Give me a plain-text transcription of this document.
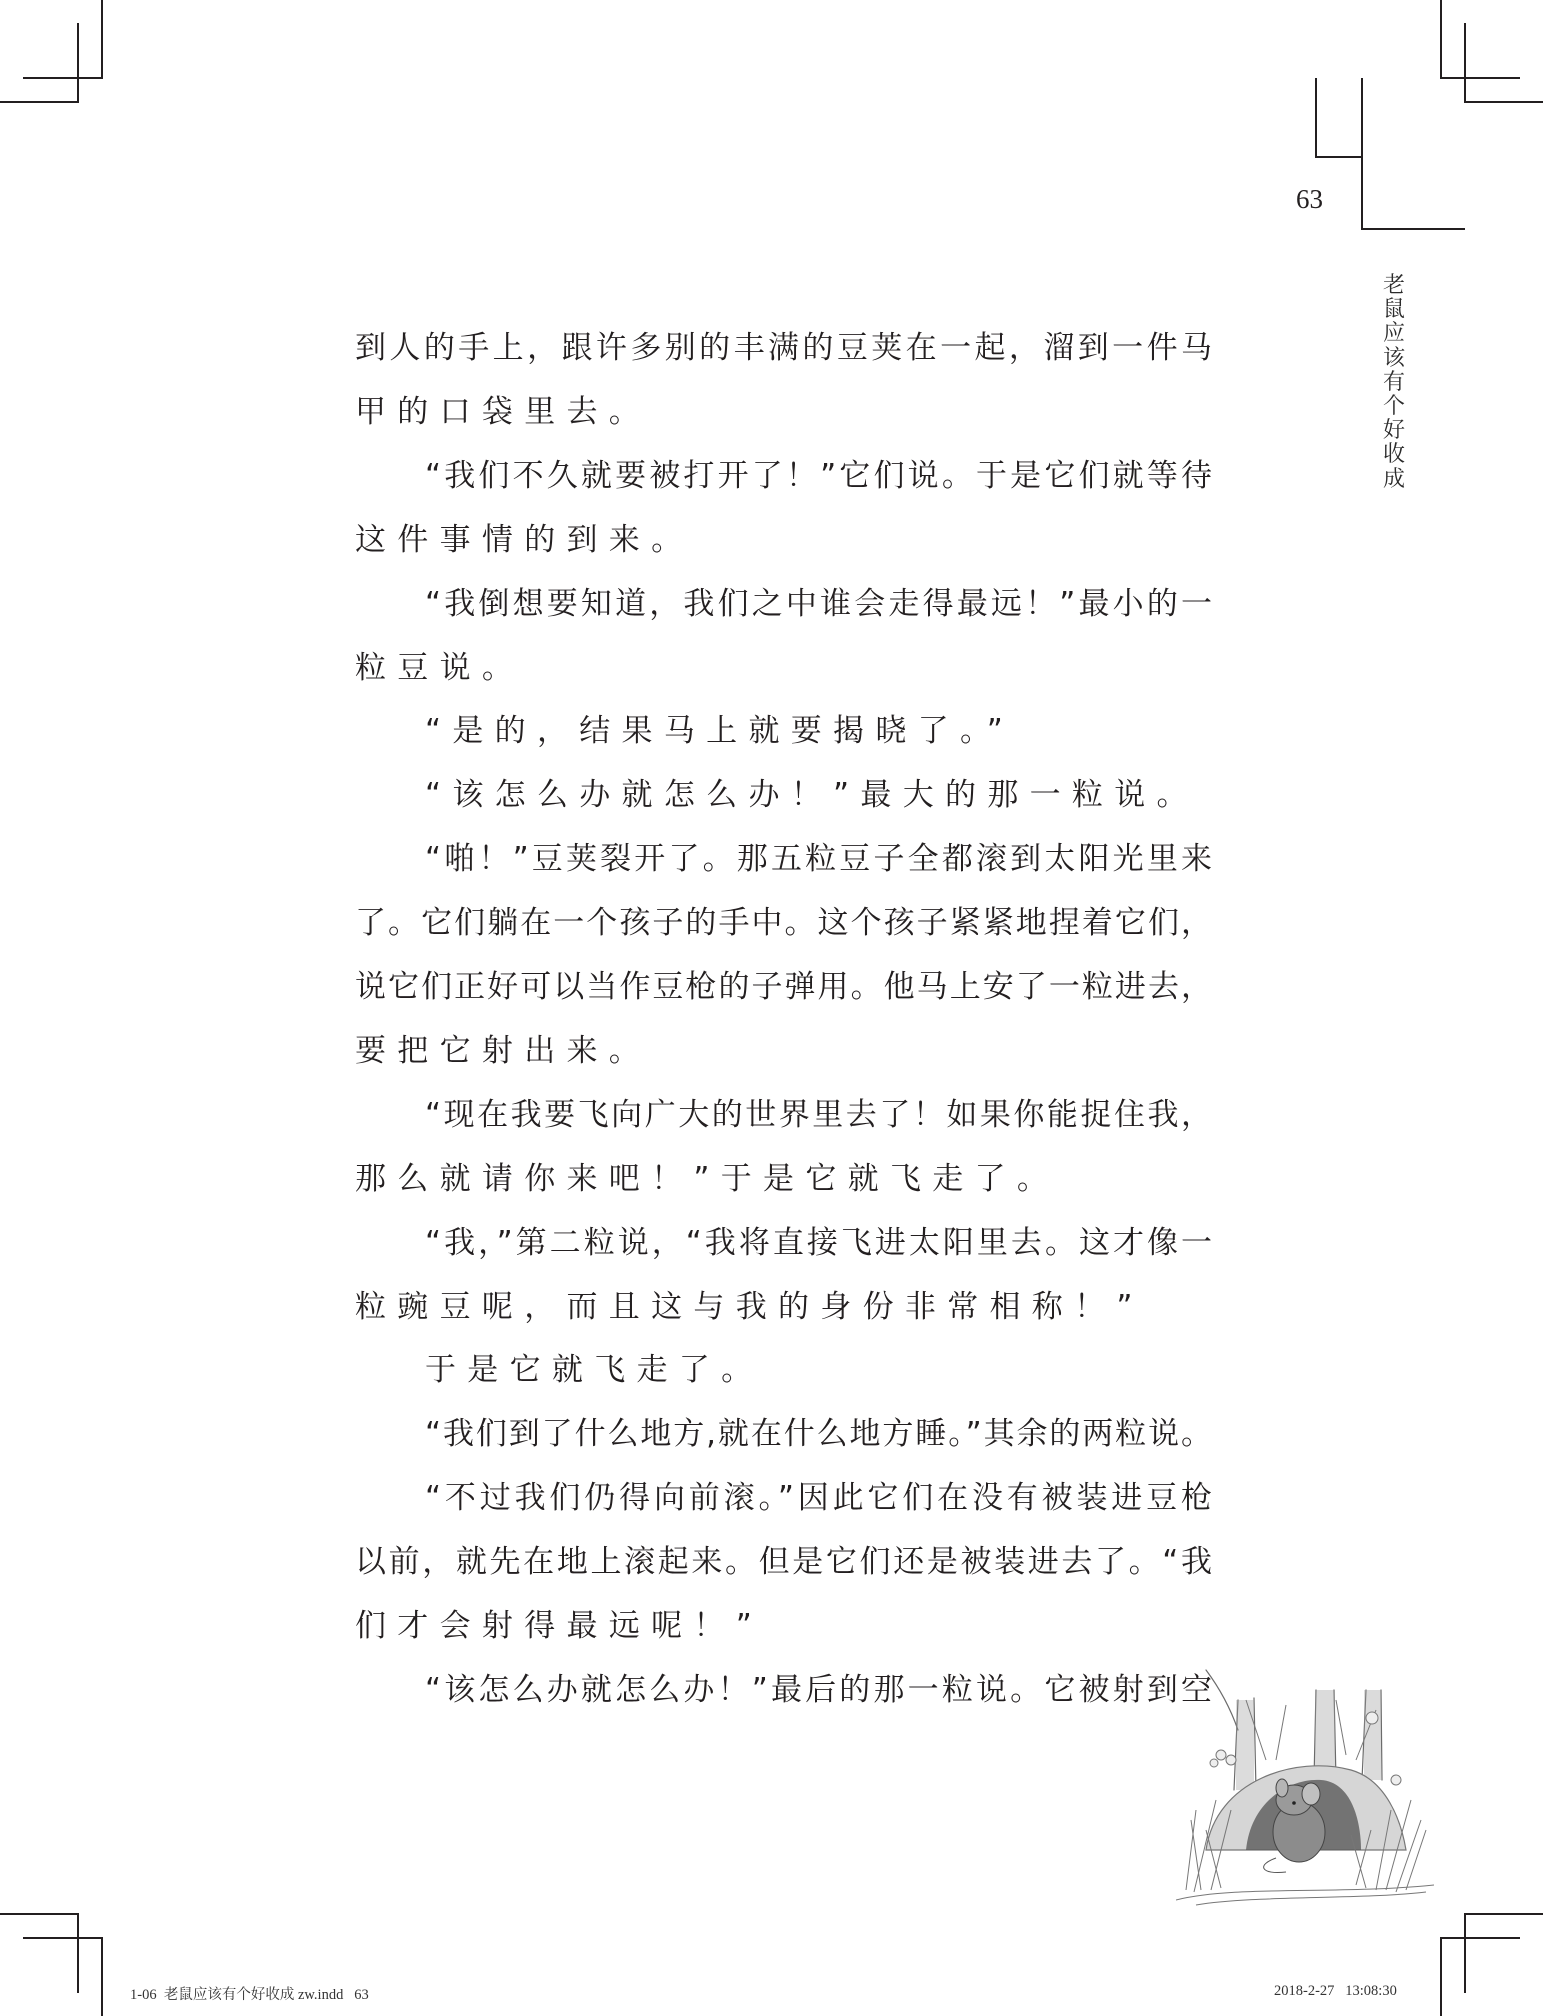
63
老
鼠
应
该
有
个
好
收
成
到人的手上，跟许多别的丰满的豆荚在一起，溜到一件马
甲的口袋里去。
“我们不久就要被打开了！”它们说。于是它们就等待
这件事情的到来。
“我倒想要知道，我们之中谁会走得最远！”最小的一
粒豆说。
“是的，结果马上就要揭晓了。”
“该怎么办就怎么办！”最大的那一粒说。
“啪！”豆荚裂开了。那五粒豆子全都滚到太阳光里来
了。它们躺在一个孩子的手中。这个孩子紧紧地捏着它们，
说它们正好可以当作豆枪的子弹用。他马上安了一粒进去，
要把它射出来。
“现在我要飞向广大的世界里去了！如果你能捉住我，
那么就请你来吧！”于是它就飞走了。
“我，”第二粒说，“我将直接飞进太阳里去。这才像一
粒豌豆呢，而且这与我的身份非常相称！”
于是它就飞走了。
“我们到了什么地方,就在什么地方睡。”其余的两粒说。
“不过我们仍得向前滚。”因此它们在没有被装进豆枪
以前，就先在地上滚起来。但是它们还是被装进去了。“我
们才会射得最远呢！”
“该怎么办就怎么办！”最后的那一粒说。它被射到空
1-06  老鼠应该有个好收成 zw.indd   63	2018-2-27   13:08:30
